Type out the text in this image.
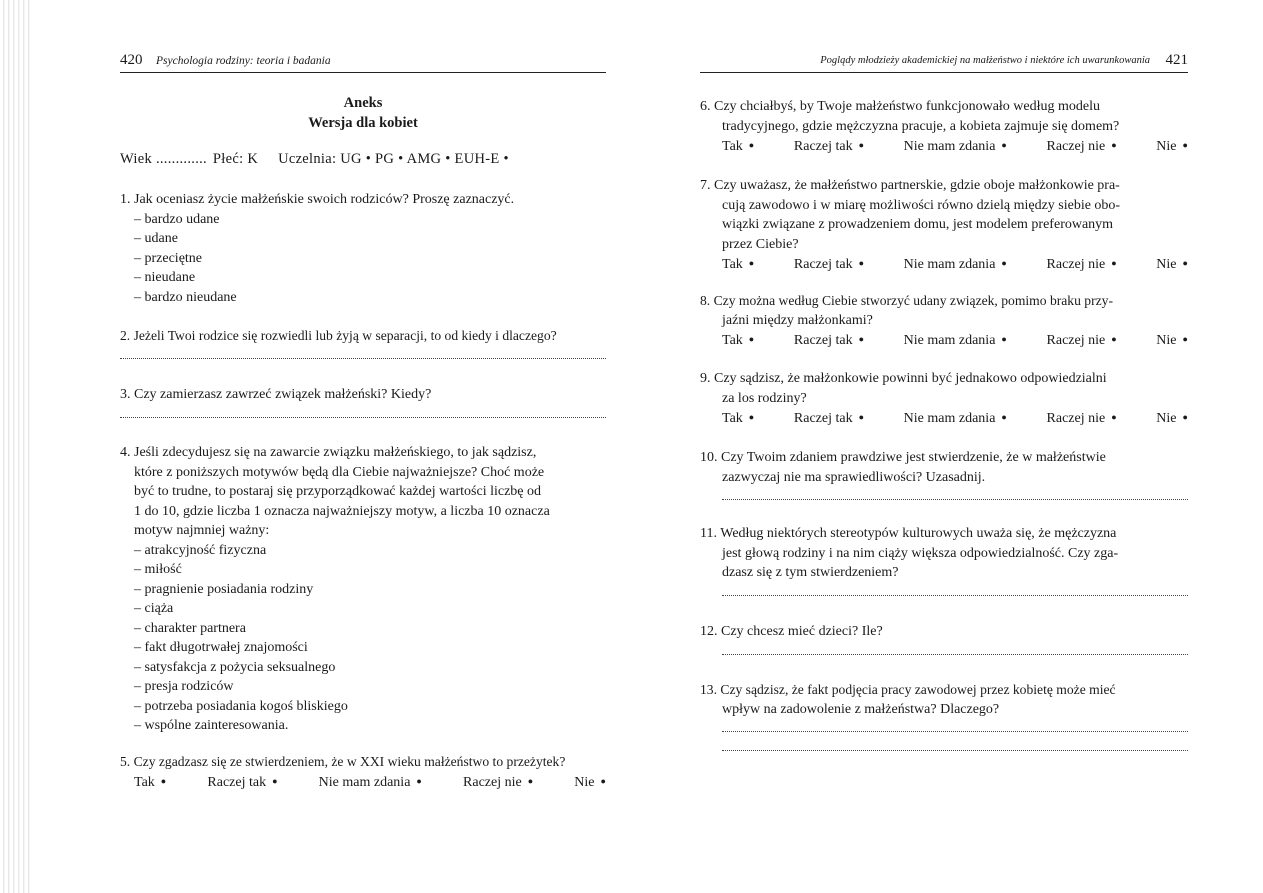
420 Psychologia rodziny: teoria i badania
Aneks
Wersja dla kobiet
Wiek ............. Płeć: K Uczelnia: UG • PG • AMG • EUH-E •
1. Jak oceniasz życie małżeńskie swoich rodziców? Proszę zaznaczyć.
– bardzo udane
– udane
– przeciętne
– nieudane
– bardzo nieudane
2. Jeżeli Twoi rodzice się rozwiedli lub żyją w separacji, to od kiedy i dlaczego?
3. Czy zamierzasz zawrzeć związek małżeński? Kiedy?
4. Jeśli zdecydujesz się na zawarcie związku małżeńskiego, to jak sądzisz,
które z poniższych motywów będą dla Ciebie najważniejsze? Choć może
być to trudne, to postaraj się przyporządkować każdej wartości liczbę od
1 do 10, gdzie liczba 1 oznacza najważniejszy motyw, a liczba 10 oznacza
motyw najmniej ważny:
– atrakcyjność fizyczna
– miłość
– pragnienie posiadania rodziny
– ciąża
– charakter partnera
– fakt długotrwałej znajomości
– satysfakcja z pożycia seksualnego
– presja rodziców
– potrzeba posiadania kogoś bliskiego
– wspólne zainteresowania.
5. Czy zgadzasz się ze stwierdzeniem, że w XXI wieku małżeństwo to przeżytek?
Tak ●	Raczej tak ●	Nie mam zdania ●	Raczej nie ●	Nie ●
Poglądy młodzieży akademickiej na małżeństwo i niektóre ich uwarunkowania 421
6. Czy chciałbyś, by Twoje małżeństwo funkcjonowało według modelu
tradycyjnego, gdzie mężczyzna pracuje, a kobieta zajmuje się domem?
Tak ●	Raczej tak ●	Nie mam zdania ●	Raczej nie ●	Nie ●
7. Czy uważasz, że małżeństwo partnerskie, gdzie oboje małżonkowie pra-
cują zawodowo i w miarę możliwości równo dzielą między siebie obo-
wiązki związane z prowadzeniem domu, jest modelem preferowanym
przez Ciebie?
Tak ●	Raczej tak ●	Nie mam zdania ●	Raczej nie ●	Nie ●
8. Czy można według Ciebie stworzyć udany związek, pomimo braku przy-
jaźni między małżonkami?
Tak ●	Raczej tak ●	Nie mam zdania ●	Raczej nie ●	Nie ●
9. Czy sądzisz, że małżonkowie powinni być jednakowo odpowiedzialni
za los rodziny?
Tak ●	Raczej tak ●	Nie mam zdania ●	Raczej nie ●	Nie ●
10. Czy Twoim zdaniem prawdziwe jest stwierdzenie, że w małżeństwie
zazwyczaj nie ma sprawiedliwości? Uzasadnij.
11. Według niektórych stereotypów kulturowych uważa się, że mężczyzna
jest głową rodziny i na nim ciąży większa odpowiedzialność. Czy zga-
dzasz się z tym stwierdzeniem?
12. Czy chcesz mieć dzieci? Ile?
13. Czy sądzisz, że fakt podjęcia pracy zawodowej przez kobietę może mieć
wpływ na zadowolenie z małżeństwa? Dlaczego?
